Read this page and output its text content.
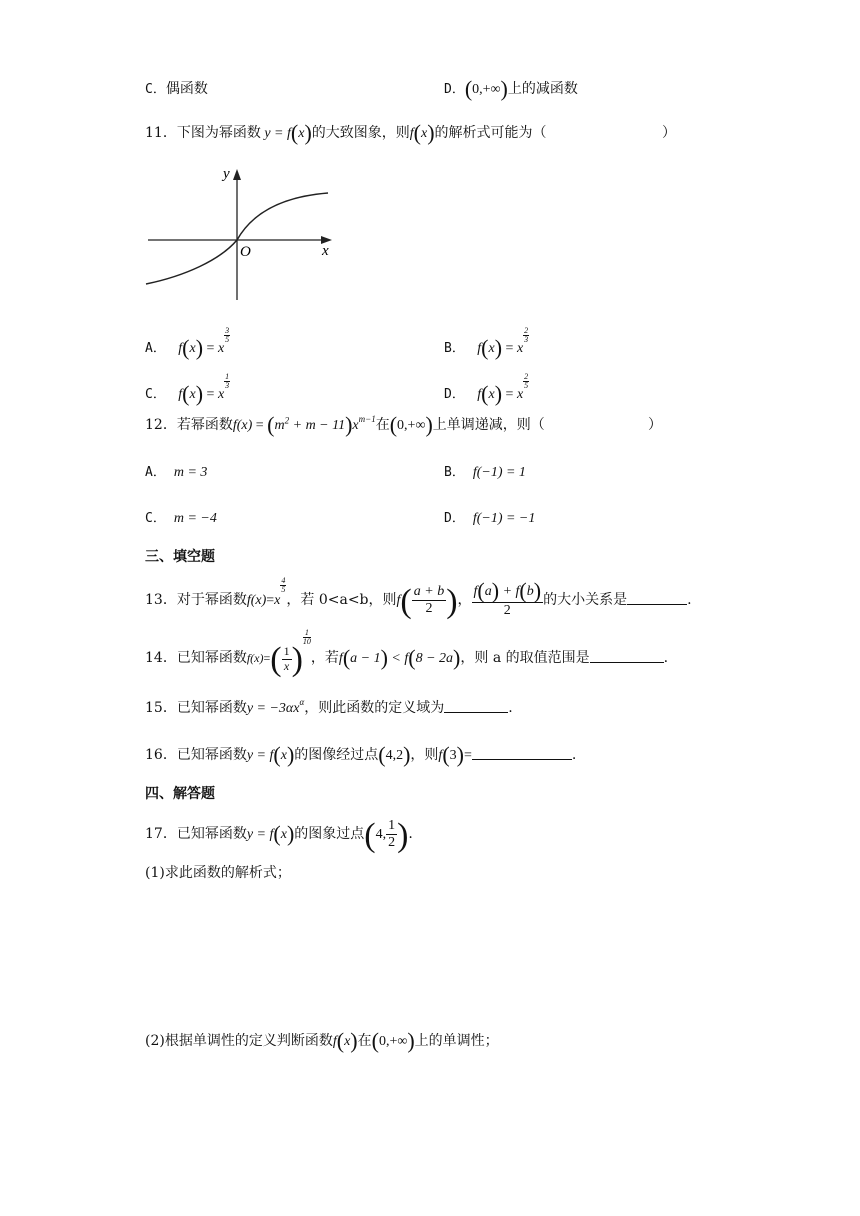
C．偶函数	D．(0,+∞)上的减函数
11．下图为幂函数 y = f(x)的大致图象，则f(x)的解析式可能为（	）
y
x
O
A． f(x) = x
$^{\frac{3}{5}}$
B． f(x) = x
$^{\frac{2}{3}}$
C． f(x) = x
$^{\frac{1}{3}}$
D． f(x) = x
$^{\frac{2}{5}}$
12．若幂函数$f(x) = (m^2 + m - 11)x^{m-1}$在(0,+∞)上单调递减，则（	）
A． m = 3	B． f(−1) = 1
C． m = −4	D． f(−1) = −1
三、填空题
13．对于幂函数f(x)=x
$^{\frac{4}{5}}$
，若 0<a<b，则$f( \frac{a + b}{2}$ )， $\frac{f(a) + f(b)}{2}$ 的大小关系是	.
14．已知幂函数$f(x)=( \frac{1}{x}$ )
$^{\frac{1}{10}}$
，若f(a − 1) < f(8 − 2a)，则 a 的取值范围是	.
15．已知幂函数$y = -3\alpha x^\alpha$，则此函数的定义域为	.
16．已知幂函数y = f(x)的图像经过点(4,2)，则f(3)=	.
四、解答题
17．已知幂函数y = f(x)的图象过点(4, $\frac{1}{2}$ ).
(1)求此函数的解析式；
(2)根据单调性的定义判断函数f(x)在(0,+∞)上的单调性；
